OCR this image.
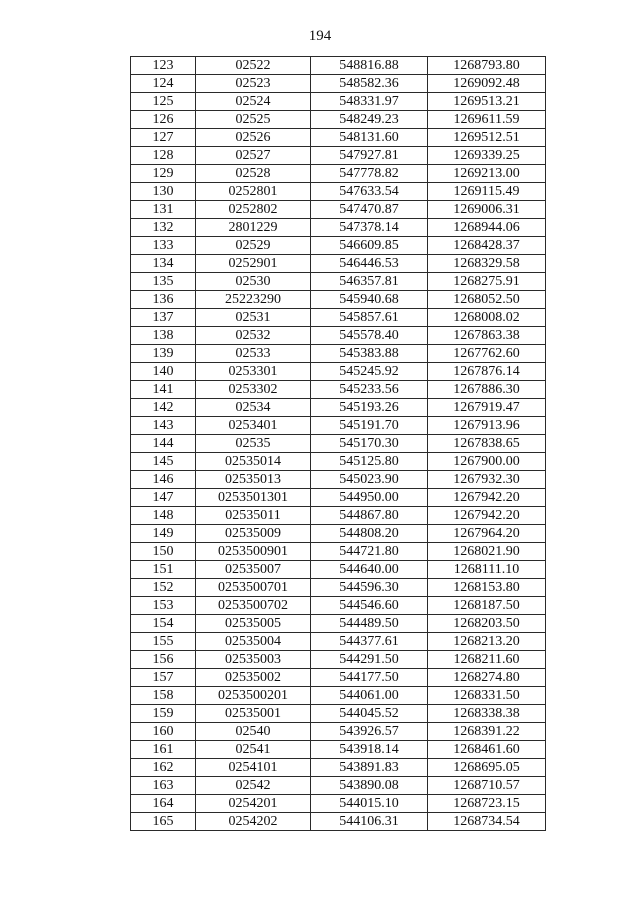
194
123	02522	548816.88	1268793.80
124	02523	548582.36	1269092.48
125	02524	548331.97	1269513.21
126	02525	548249.23	1269611.59
127	02526	548131.60	1269512.51
128	02527	547927.81	1269339.25
129	02528	547778.82	1269213.00
130	0252801	547633.54	1269115.49
131	0252802	547470.87	1269006.31
132	2801229	547378.14	1268944.06
133	02529	546609.85	1268428.37
134	0252901	546446.53	1268329.58
135	02530	546357.81	1268275.91
136	25223290	545940.68	1268052.50
137	02531	545857.61	1268008.02
138	02532	545578.40	1267863.38
139	02533	545383.88	1267762.60
140	0253301	545245.92	1267876.14
141	0253302	545233.56	1267886.30
142	02534	545193.26	1267919.47
143	0253401	545191.70	1267913.96
144	02535	545170.30	1267838.65
145	02535014	545125.80	1267900.00
146	02535013	545023.90	1267932.30
147	0253501301	544950.00	1267942.20
148	02535011	544867.80	1267942.20
149	02535009	544808.20	1267964.20
150	0253500901	544721.80	1268021.90
151	02535007	544640.00	1268111.10
152	0253500701	544596.30	1268153.80
153	0253500702	544546.60	1268187.50
154	02535005	544489.50	1268203.50
155	02535004	544377.61	1268213.20
156	02535003	544291.50	1268211.60
157	02535002	544177.50	1268274.80
158	0253500201	544061.00	1268331.50
159	02535001	544045.52	1268338.38
160	02540	543926.57	1268391.22
161	02541	543918.14	1268461.60
162	0254101	543891.83	1268695.05
163	02542	543890.08	1268710.57
164	0254201	544015.10	1268723.15
165	0254202	544106.31	1268734.54
